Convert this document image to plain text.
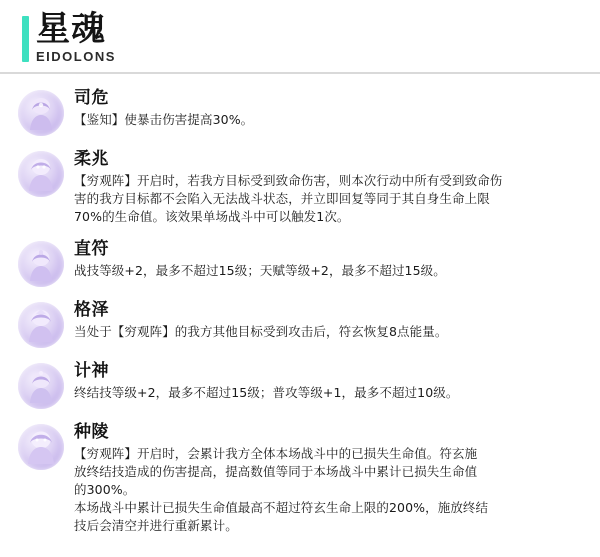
星魂
EIDOLONS
司危

【鉴知】使暴击伤害提高30%。

柔兆

【穷观阵】开启时，若我方目标受到致命伤害，则本次行动中所有受到致命伤

害的我方目标都不会陷入无法战斗状态，并立即回复等同于其自身生命上限

70%的生命值。该效果单场战斗中可以触发1次。

直符

战技等级+2，最多不超过15级；天赋等级+2，最多不超过15级。

格泽

当处于【穷观阵】的我方其他目标受到攻击后，符玄恢复8点能量。

计神

终结技等级+2，最多不超过15级；普攻等级+1，最多不超过10级。

种陵

【穷观阵】开启时，会累计我方全体本场战斗中的已损失生命值。符玄施

放终结技造成的伤害提高，提高数值等同于本场战斗中累计已损失生命值

的300%。

本场战斗中累计已损失生命值最高不超过符玄生命上限的200%，施放终结

技后会清空并进行重新累计。
